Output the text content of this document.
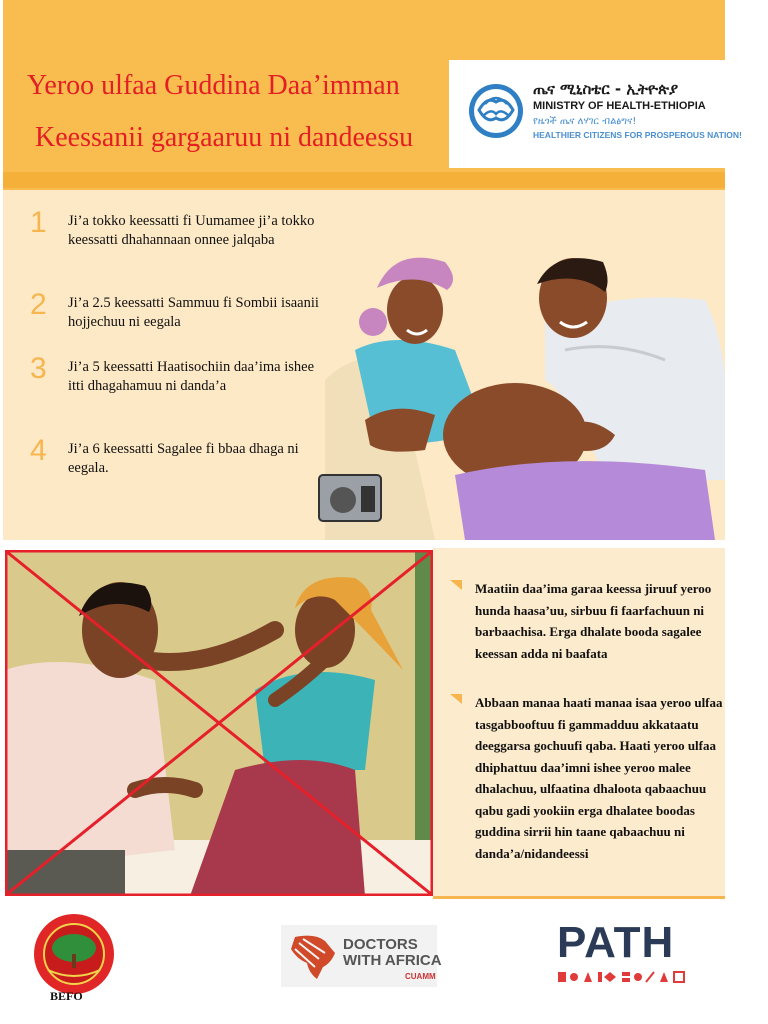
Yeroo ulfaa Guddina Daa’imman
Keessanii gargaaruu ni dandeessu
ጤና ሚኒስቴር - ኢትዮጵያ
MINISTRY OF HEALTH-ETHIOPIA
የዜጎች ጤና ለሃገር ብልፅግና!
HEALTHIER CITIZENS FOR PROSPEROUS NATION!
1 Ji’a tokko keessatti fi Uumamee ji’a tokko keessatti dhahannaan onnee jalqaba
2 Ji’a 2.5 keessatti Sammuu fi Sombii isaanii hojjechuu ni eegala
3 Ji’a 5 keessatti Haatisochiin daa’ima ishee itti dhagahamuu ni danda’a
4 Ji’a 6 keessatti Sagalee fi bbaa dhaga ni eegala.
Maatiin daa’ima garaa keessa jiruuf yeroo hunda haasa’uu, sirbuu fi faarfachuun ni barbaachisa. Erga dhalate booda sagalee keessan adda ni baafata
Abbaan manaa haati manaa isaa yeroo ulfaa tasgabbooftuu fi gammadduu akkataatu deeggarsa gochuufi qaba. Haati yeroo ulfaa dhiphattuu daa’imni ishee yeroo malee dhalachuu, ulfaatina dhaloota qabaachuu qabu gadi yookiin erga dhalatee boodas guddina sirrii hin taane qabaachuu ni danda’a/nidandeessi
BEFO
DOCTORS
WITH AFRICA
CUAMM
PATH
